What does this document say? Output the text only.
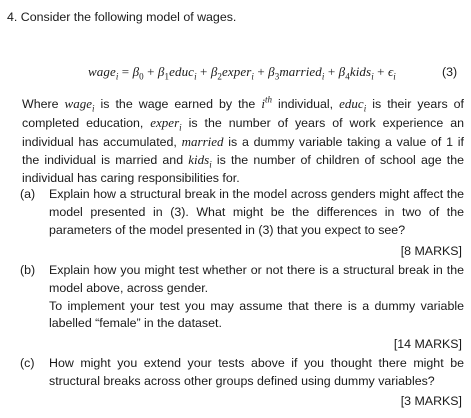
4. Consider the following model of wages.
wage$_i$ = $\beta_0$ + $\beta_1educ_i$ + $\beta_2exper_i$ + $\beta_3married_i$ + $\beta_4kids_i + \epsilon_i$	(3)
Where wage$_i$ is the wage earned by the $i^{th}$ individual, educ$_i$ is their years of completed education, exper$_i$ is the number of years of work experience an individual has accumulated, married is a dummy variable taking a value of 1 if the individual is married and kids$_i$ is the number of children of school age the individual has caring responsibilities for.
(a) Explain how a structural break in the model across genders might affect the model presented in (3). What might be the differences in two of the parameters of the model presented in (3) that you expect to see?
[8 MARKS]
(b) Explain how you might test whether or not there is a structural break in the model above, across gender.
To implement your test you may assume that there is a dummy variable labelled “female” in the dataset.
[14 MARKS]
(c) How might you extend your tests above if you thought there might be structural breaks across other groups defined using dummy variables?
[3 MARKS]
